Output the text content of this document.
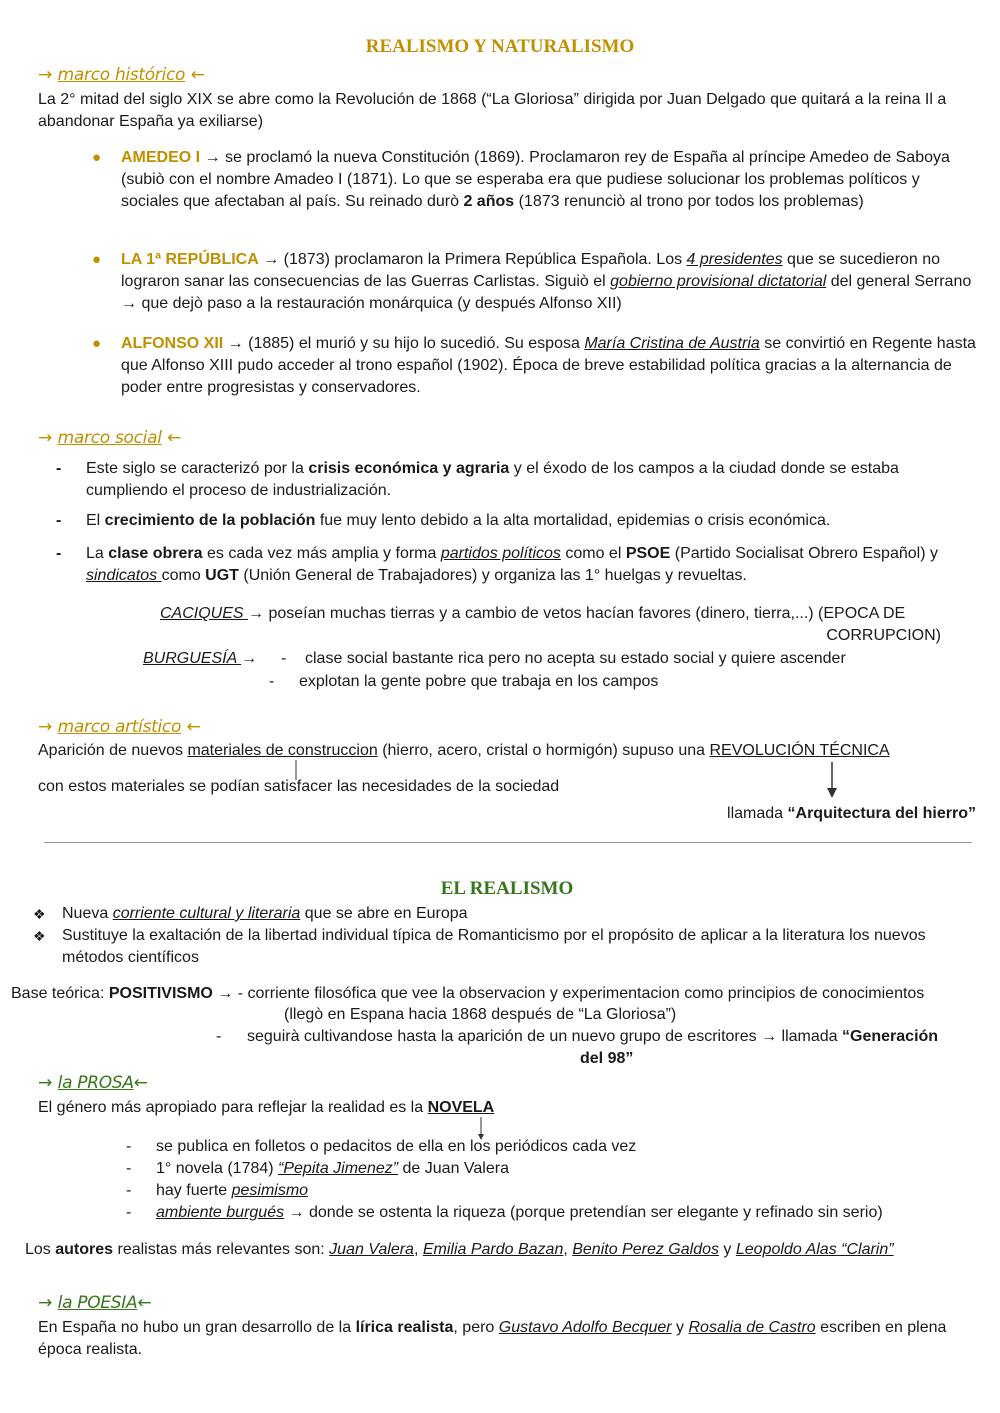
REALISMO Y NATURALISMO
→ marco histórico ←
La 2° mitad del siglo XIX se abre como la Revolución de 1868 (“La Gloriosa” dirigida por Juan Delgado que quitará a la reina Il a abandonar España ya exiliarse)
● AMEDEO I → se proclamó la nueva Constitución (1869). Proclamaron rey de España al príncipe Amedeo de Saboya (subiò con el nombre Amadeo I (1871). Lo que se esperaba era que pudiese solucionar los problemas políticos y sociales que afectaban al país. Su reinado durò 2 años (1873 renunciò al trono por todos los problemas)
● LA 1ª REPÚBLICA → (1873) proclamaron la Primera República Española. Los 4 presidentes que se sucedieron no lograron sanar las consecuencias de las Guerras Carlistas. Siguiò el gobierno provisional dictatorial del general Serrano → que dejò paso a la restauración monárquica (y después Alfonso XII)
● ALFONSO XII → (1885) el murió y su hijo lo sucedió. Su esposa María Cristina de Austria se convirtió en Regente hasta que Alfonso XIII pudo acceder al trono español (1902). Época de breve estabilidad política gracias a la alternancia de poder entre progresistas y conservadores.
→ marco social ←
- Este siglo se caracterizó por la crisis económica y agraria y el éxodo de los campos a la ciudad donde se estaba cumpliendo el proceso de industrialización.
- El crecimiento de la población fue muy lento debido a la alta mortalidad, epidemias o crisis económica.
- La clase obrera es cada vez más amplia y forma partidos políticos como el PSOE (Partido Socialisat Obrero Español) y sindicatos como UGT (Unión General de Trabajadores) y organiza las 1° huelgas y revueltas.
CACIQUES → poseían muchas tierras y a cambio de vetos hacían favores (dinero, tierra,...) (EPOCA DE
CORRUPCION)
BURGUESÍA → - clase social bastante rica pero no acepta su estado social y quiere ascender
- explotan la gente pobre que trabaja en los campos
→ marco artístico ←
Aparición de nuevos materiales de construccion (hierro, acero, cristal o hormigón) supuso una REVOLUCIÓN TÉCNICA
con estos materiales se podían satisfacer las necesidades de la sociedad
llamada “Arquitectura del hierro”
EL REALISMO
❖ Nueva corriente cultural y literaria que se abre en Europa
❖ Sustituye la exaltación de la libertad individual típica de Romanticismo por el propósito de aplicar a la literatura los nuevos métodos científicos
Base teórica: POSITIVISMO → - corriente filosófica que vee la observacion y experimentacion como principios de conocimientos
(llegò en Espana hacia 1868 después de “La Gloriosa”)
- seguirà cultivandose hasta la aparición de un nuevo grupo de escritores → llamada “Generación
del 98”
→ la PROSA←
El género más apropiado para reflejar la realidad es la NOVELA
- se publica en folletos o pedacitos de ella en los periódicos cada vez
- 1° novela (1784) “Pepita Jimenez” de Juan Valera
- hay fuerte pesimismo
- ambiente burgués → donde se ostenta la riqueza (porque pretendían ser elegante y refinado sin serio)
Los autores realistas más relevantes son: Juan Valera, Emilia Pardo Bazan, Benito Perez Galdos y Leopoldo Alas “Clarin”
→ la POESIA←
En España no hubo un gran desarrollo de la lírica realista, pero Gustavo Adolfo Becquer y Rosalia de Castro escriben en plena época realista.
